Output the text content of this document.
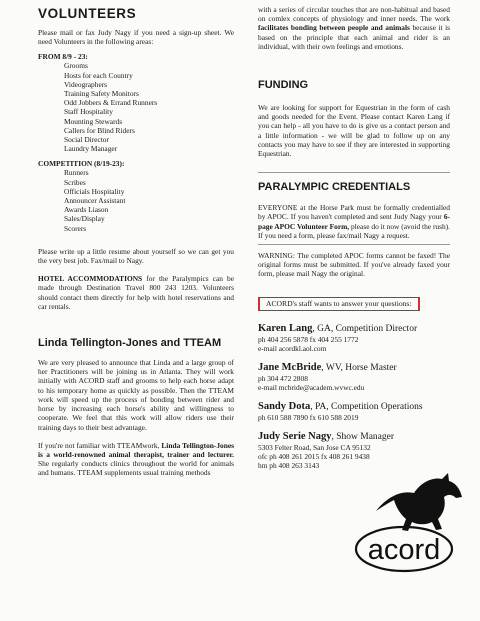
VOLUNTEERS

Please mail or fax Judy Nagy if you need a sign-up sheet. We need Volunteers in the following areas:

FROM 8/9 - 23:
Grooms
Hosts for each Country
Videographers
Training Safety Monitors
Odd Jobbers & Errand Runners
Staff Hospitality
Mounting Stewards
Callers for Blind Riders
Social Director
Laundry Manager
COMPETITION (8/19-23):
Runners
Scribes
Officials Hospitality
Announcer Assistant
Awards Liason
Sales/Display
Scorers

Please write up a little resume about yourself so we can get you the very best job. Fax/mail to Nagy.

HOTEL ACCOMMODATIONS for the Paralympics can be made through Destination Travel 800 243 1203. Volunteers should contact them directly for help with hotel reservations and car rentals.

Linda Tellington-Jones and TTEAM

We are very pleased to announce that Linda and a large group of her Practitioners will be joining us in Atlanta. They will work initially with ACORD staff and grooms to help each horse adapt to his temporary home as quickly as possible. Then the TTEAM work will speed up the process of bonding between rider and horse by increasing each horse's ability and willingness to cooperate. We feel that this work will allow riders use their training days to their best advantage.

If you're not familiar with TTEAMwork, Linda Tellington-Jones is a world-renowned animal therapist, trainer and lecturer. She regularly conducts clinics throughout the world for animals and humans. TTEAM supplements usual training methods

with a series of circular touches that are non-habitual and based on comlex concepts of physiology and inner needs. The work facilitates bonding between people and animals because it is based on the principle that each animal and rider is an individual, with their own feelings and emotions.

FUNDING

We are looking for support for Equestrian in the form of cash and goods needed for the Event. Please contact Karen Lang if you can help - all you have to do is give us a contact person and a little information - we will be glad to follow up on any contacts you may have to see if they are interested in supporting Equestrian.

PARALYMPIC CREDENTIALS

EVERYONE at the Horse Park must be formally credentialled by APOC. If you haven't completed and sent Judy Nagy your 6-page APOC Volunteer Form, please do it now (avoid the rush). If you need a form, please fax/mail Nagy a request.

WARNING: The completed APOC forms cannot be faxed! The original forms must be submitted. If you've already faxed your form, please mail Nagy the original.

ACORD's staff wants to answer your questions:
Karen Lang, GA, Competition Director
ph 404 256 5878 fx 404 255 1772
e-mail acordkl.aol.com
Jane McBride, WV, Horse Master
ph 304 472 2808
e-mail mcbride@academ.wvwc.edu
Sandy Dota, PA, Competition Operations
ph 610 588 7890 fx 610 588 2019
Judy Serie Nagy, Show Manager
5303 Felter Road, San Jose CA 95132
ofc ph 408 261 2015 fx 408 261 9438
hm ph 408 263 3143
acord
